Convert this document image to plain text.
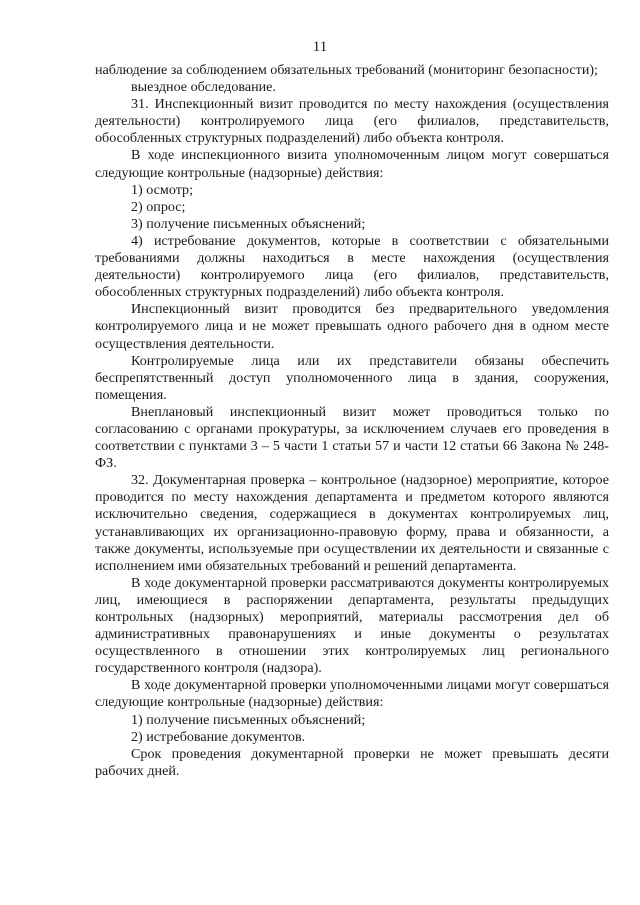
11

наблюдение за соблюдением обязательных требований (мониторинг безопасности);

выездное обследование.

31. Инспекционный визит проводится по месту нахождения (осуществления деятельности) контролируемого лица (его филиалов, представительств, обособленных структурных подразделений) либо объекта контроля.

В ходе инспекционного визита уполномоченным лицом могут совершаться следующие контрольные (надзорные) действия:

1) осмотр;

2) опрос;

3) получение письменных объяснений;

4) истребование документов, которые в соответствии с обязательными требованиями должны находиться в месте нахождения (осуществления деятельности) контролируемого лица (его филиалов, представительств, обособленных структурных подразделений) либо объекта контроля.

Инспекционный визит проводится без предварительного уведомления контролируемого лица и не может превышать одного рабочего дня в одном месте осуществления деятельности.

Контролируемые лица или их представители обязаны обеспечить беспрепятственный доступ уполномоченного лица в здания, сооружения, помещения.

Внеплановый инспекционный визит может проводиться только по согласованию с органами прокуратуры, за исключением случаев его проведения в соответствии с пунктами 3 – 5 части 1 статьи 57 и части 12 статьи 66 Закона № 248-ФЗ.

32. Документарная проверка – контрольное (надзорное) мероприятие, которое проводится по месту нахождения департамента и предметом которого являются исключительно сведения, содержащиеся в документах контролируемых лиц, устанавливающих их организационно-правовую форму, права и обязанности, а также документы, используемые при осуществлении их деятельности и связанные с исполнением ими обязательных требований и решений департамента.

В ходе документарной проверки рассматриваются документы контролируемых лиц, имеющиеся в распоряжении департамента, результаты предыдущих контрольных (надзорных) мероприятий, материалы рассмотрения дел об административных правонарушениях и иные документы о результатах осуществленного в отношении этих контролируемых лиц регионального государственного контроля (надзора).

В ходе документарной проверки уполномоченными лицами могут совершаться следующие контрольные (надзорные) действия:

1) получение письменных объяснений;

2) истребование документов.

Срок проведения документарной проверки не может превышать десяти рабочих дней.
